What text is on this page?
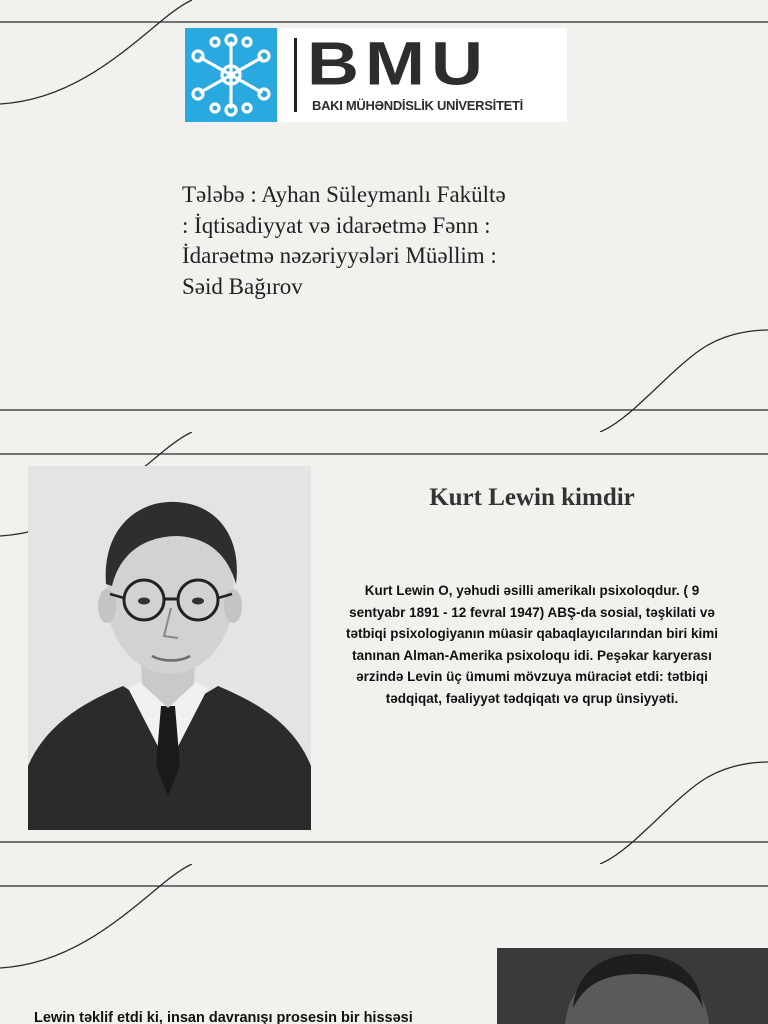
BMU
BAKI MÜHƏNDİSLİK UNİVERSİTETİ

Tələbə : Ayhan Süleymanlı Fakültə : İqtisadiyyat və idarəetmə Fənn : İdarəetmə nəzəriyyələri Müəllim : Səid Bağırov

Kurt Lewin kimdir

Kurt Lewin O, yəhudi əsilli amerikalı psixoloqdur. ( 9 sentyabr 1891 - 12 fevral 1947) ABŞ-da sosial, təşkilati və tətbiqi psixologiyanın müasir qabaqlayıcılarından biri kimi tanınan Alman-Amerika psixoloqu idi. Peşəkar karyerası ərzində Levin üç ümumi mövzuya müraciət etdi: tətbiqi tədqiqat, fəaliyyət tədqiqatı və qrup ünsiyyəti.

Lewin təklif etdi ki, insan davranışı prosesin bir hissəsi
